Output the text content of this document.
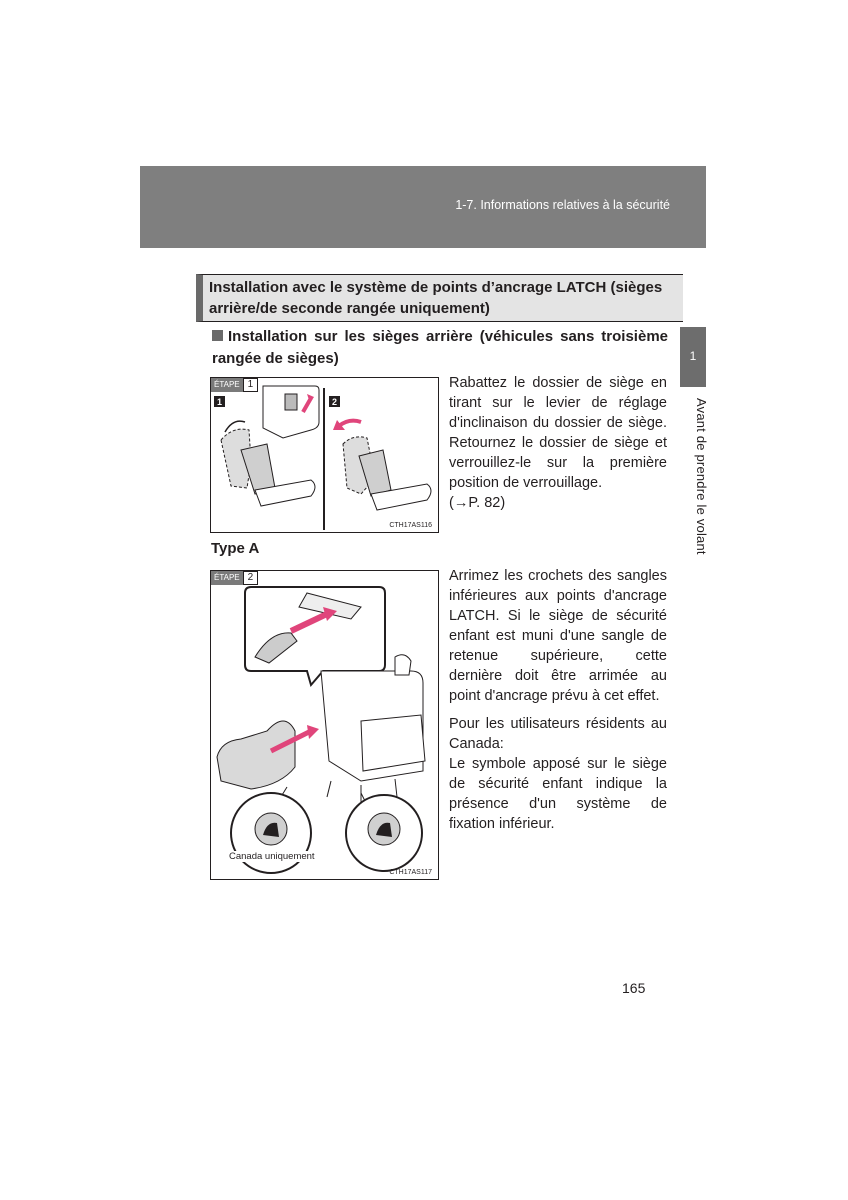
1-7. Informations relatives à la sécurité
1
Avant de prendre le volant
Installation avec le système de points d’ancrage LATCH (sièges arrière/de seconde rangée uniquement)
Installation sur les sièges arrière (véhicules sans troisième rangée de sièges)
ÉTAPE 1
1	2
CTH17AS116
Rabattez le dossier de siège en tirant sur le levier de réglage d'inclinaison du dossier de siège. Retournez le dossier de siège et verrouillez-le sur la première position de verrouillage.
(→P. 82)
Type A
ÉTAPE 2
Canada uniquement
CTH17AS117
Arrimez les crochets des sangles inférieures aux points d'ancrage LATCH. Si le siège de sécurité enfant est muni d'une sangle de retenue supérieure, cette dernière doit être arrimée au point d'ancrage prévu à cet effet.
Pour les utilisateurs résidents au Canada:
Le symbole apposé sur le siège de sécurité enfant indique la présence d'un système de fixation inférieur.
165
